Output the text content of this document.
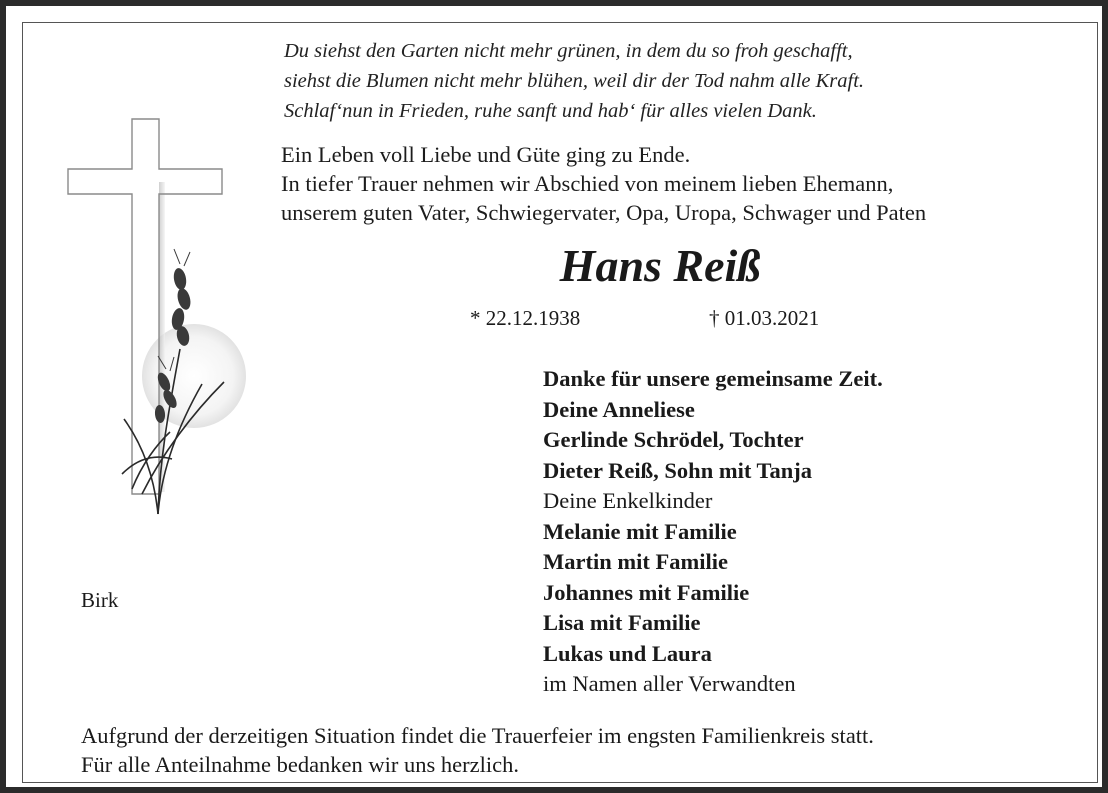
Du siehst den Garten nicht mehr grünen, in dem du so froh geschafft,
siehst die Blumen nicht mehr blühen, weil dir der Tod nahm alle Kraft.
Schlaf‘nun in Frieden, ruhe sanft und hab‘ für alles vielen Dank.
Ein Leben voll Liebe und Güte ging zu Ende.
In tiefer Trauer nehmen wir Abschied von meinem lieben Ehemann,
unserem guten Vater, Schwiegervater, Opa, Uropa, Schwager und Paten
Hans Reiß
* 22.12.1938	† 01.03.2021
Danke für unsere gemeinsame Zeit.
Deine Anneliese
Gerlinde Schrödel, Tochter
Dieter Reiß, Sohn mit Tanja
Deine Enkelkinder
Melanie mit Familie
Martin mit Familie
Johannes mit Familie
Lisa mit Familie
Lukas und Laura
im Namen aller Verwandten
Birk
Aufgrund der derzeitigen Situation findet die Trauerfeier im engsten Familienkreis statt.
Für alle Anteilnahme bedanken wir uns herzlich.
